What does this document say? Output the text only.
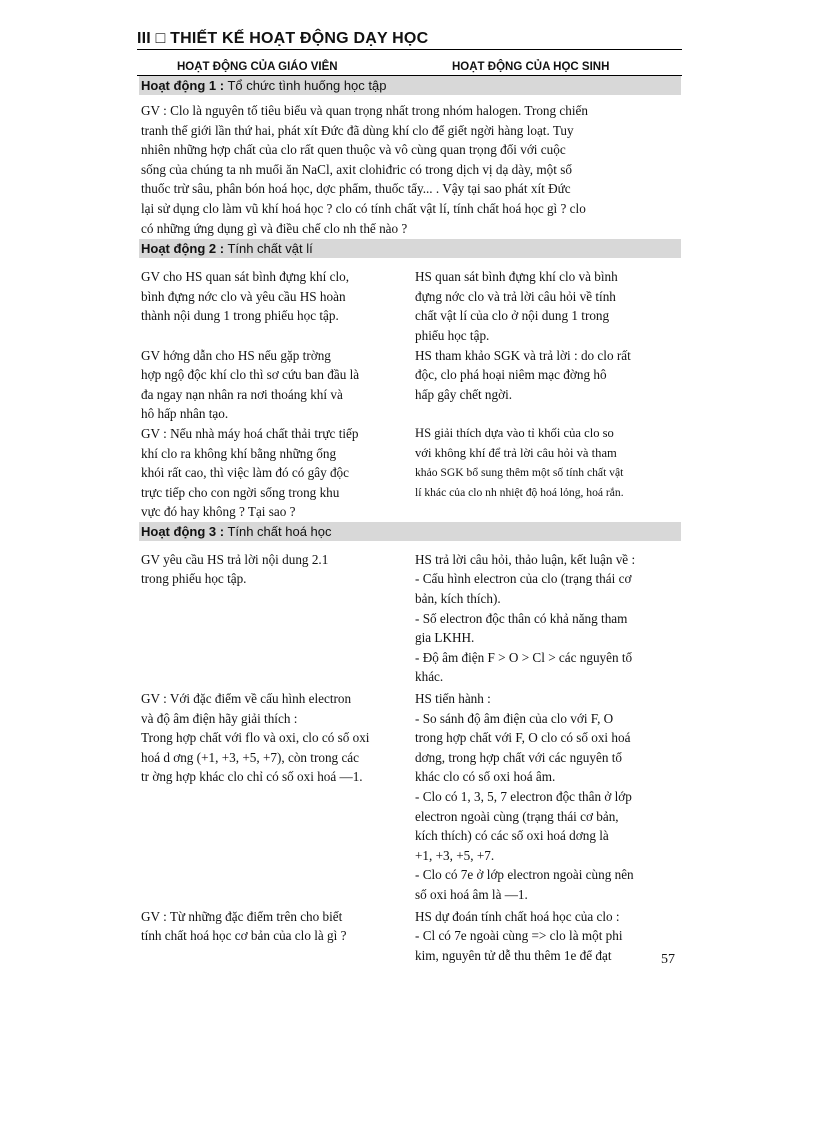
III □ THIẾT KẾ HOẠT ĐỘNG DẠY HỌC
HOẠT ĐỘNG CỦA GIÁO VIÊN	HOẠT ĐỘNG CỦA HỌC SINH
Hoạt động 1 : Tổ chức tình huống học tập
GV : Clo là nguyên tố tiêu biểu và quan trọng nhất trong nhóm halogen. Trong chiến
tranh thế giới lần thứ hai, phát xít Đức đã dùng khí clo để giết ngời hàng loạt. Tuy
nhiên những hợp chất của clo rất quen thuộc và vô cùng quan trọng đối với cuộc
sống của chúng ta nh muối ăn NaCl, axit clohiđric có trong dịch vị dạ dày, một số
thuốc trừ sâu, phân bón hoá học, dợc phẩm, thuốc tẩy... . Vậy tại sao phát xít Đức
lại sử dụng clo làm vũ khí hoá học ? clo có tính chất vật lí, tính chất hoá học gì ? clo
có những ứng dụng gì và điều chế clo nh thế nào ?
Hoạt động 2 : Tính chất vật lí
GV cho HS quan sát bình đựng khí clo,
bình đựng nớc clo và yêu cầu HS hoàn
thành nội dung 1 trong phiếu học tập.
HS quan sát bình đựng khí clo và bình
đựng nớc clo và trả lời câu hỏi về tính
chất vật lí của clo ở nội dung 1 trong
phiếu học tập.
GV hớng dẫn cho HS nếu gặp trờng
hợp ngộ độc khí clo thì sơ cứu ban đầu là
đa ngay nạn nhân ra nơi thoáng khí và
hô hấp nhân tạo.
HS tham khảo SGK và trả lời : do clo rất
độc, clo phá hoại niêm mạc đờng hô
hấp gây chết ngời.
GV : Nếu nhà máy hoá chất thải trực tiếp
khí clo ra không khí bằng những ống
khói rất cao, thì việc làm đó có gây độc
trực tiếp cho con ngời sống trong khu
vực đó hay không ? Tại sao ?
HS giải thích dựa vào tỉ khối của clo so
với không khí để trả lời câu hỏi và tham
khảo SGK bổ sung thêm một số tính chất vật
lí khác của clo nh nhiệt độ hoá lỏng, hoá rắn.
Hoạt động 3 : Tính chất hoá học
GV yêu cầu HS trả lời nội dung 2.1
trong phiếu học tập.
HS trả lời câu hỏi, thảo luận, kết luận về :
- Cấu hình electron của clo (trạng thái cơ
bản, kích thích).
- Số electron độc thân có khả năng tham
gia LKHH.
- Độ âm điện F > O > Cl > các nguyên tố
khác.
GV : Với đặc điểm về cấu hình electron
và độ âm điện hãy giải thích :
Trong hợp chất với flo và oxi, clo có số oxi
hoá d ơng (+1, +3, +5, +7), còn trong các
tr ờng hợp khác clo chỉ có số oxi hoá —1.
HS tiến hành :
- So sánh độ âm điện của clo với F, O
trong hợp chất với F, O clo có số oxi hoá
dơng, trong hợp chất với các nguyên tố
khác clo có số oxi hoá âm.
- Clo có 1, 3, 5, 7 electron độc thân ở lớp
electron ngoài cùng (trạng thái cơ bản,
kích thích) có các số oxi hoá dơng là
+1, +3, +5, +7.
- Clo có 7e ở lớp electron ngoài cùng nên
số oxi hoá âm là —1.
GV : Từ những đặc điểm trên cho biết
tính chất hoá học cơ bản của clo là gì ?
HS dự đoán tính chất hoá học của clo :
- Cl có 7e ngoài cùng => clo là một phi
kim, nguyên tử dễ thu thêm 1e để đạt	57
